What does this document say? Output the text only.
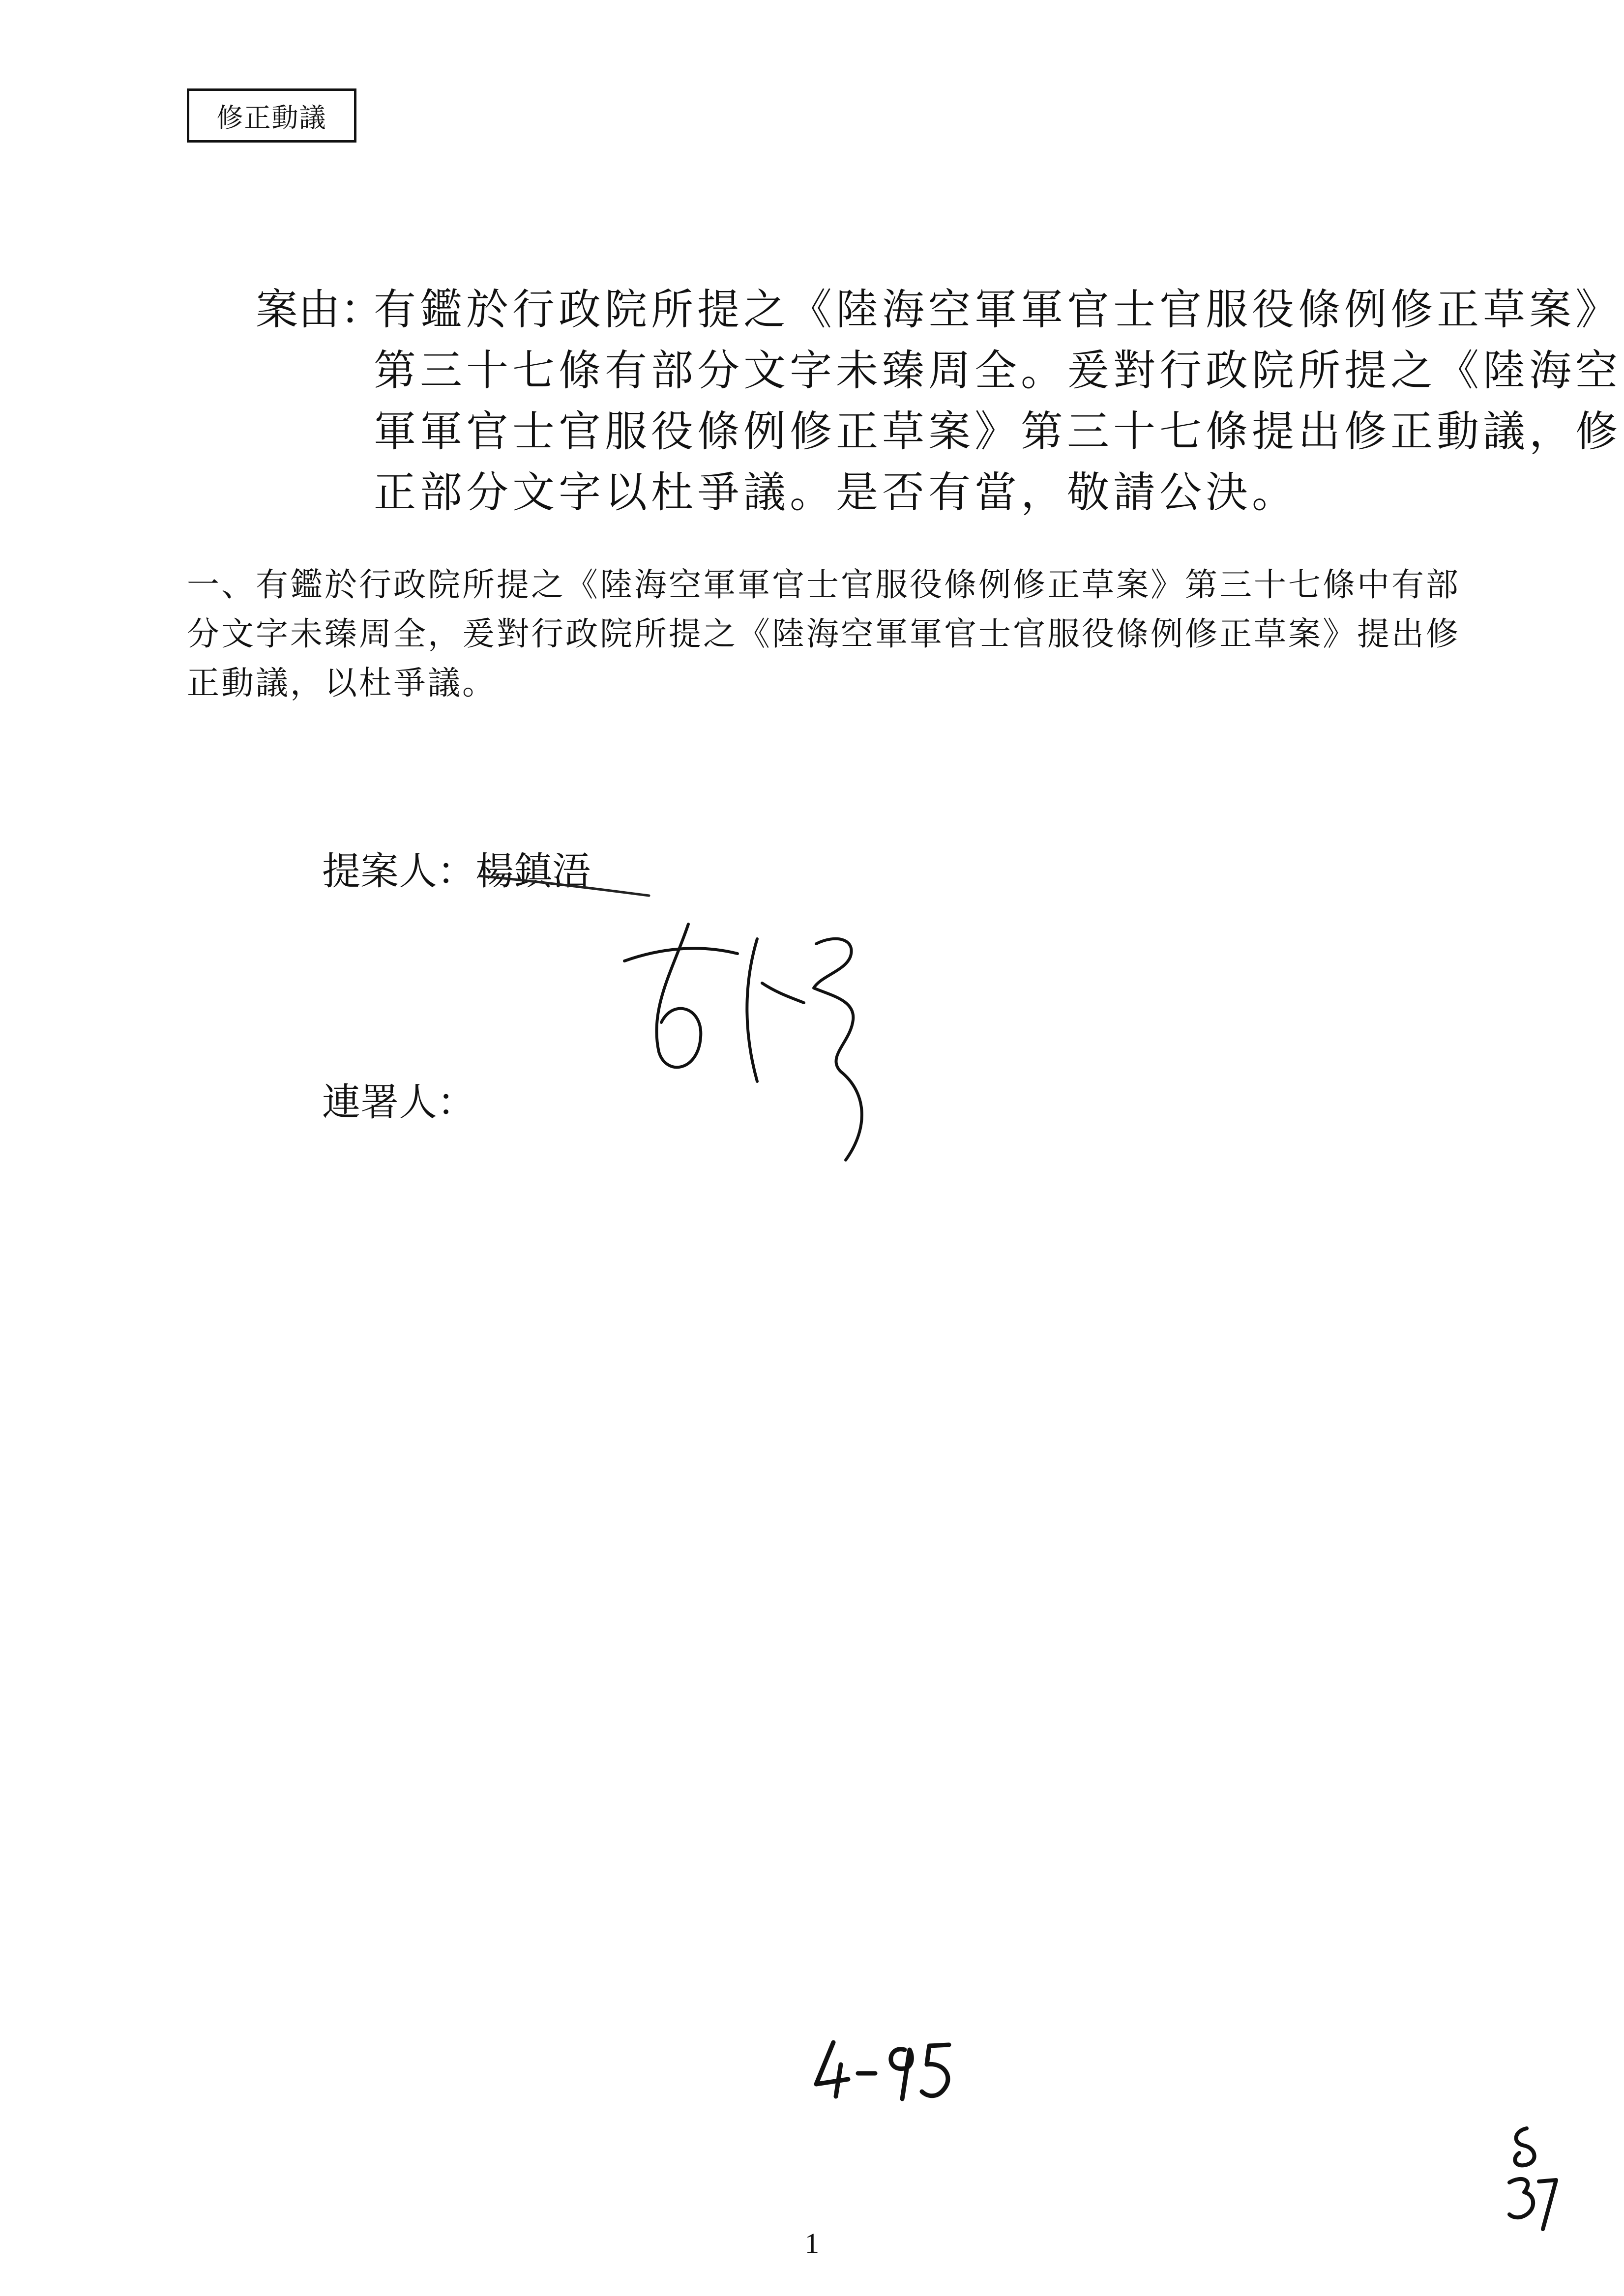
修正動議
案由：
有鑑於行政院所提之《陸海空軍軍官士官服役條例修正草案》
第三十七條有部分文字未臻周全。爰對行政院所提之《陸海空
軍軍官士官服役條例修正草案》第三十七條提出修正動議，修
正部分文字以杜爭議。是否有當，敬請公決。
一、有鑑於行政院所提之《陸海空軍軍官士官服役條例修正草案》第三十七條中有部
分文字未臻周全，爰對行政院所提之《陸海空軍軍官士官服役條例修正草案》提出修
正動議，以杜爭議。
提案人：楊鎮浯
連署人：
4-95
37
1
